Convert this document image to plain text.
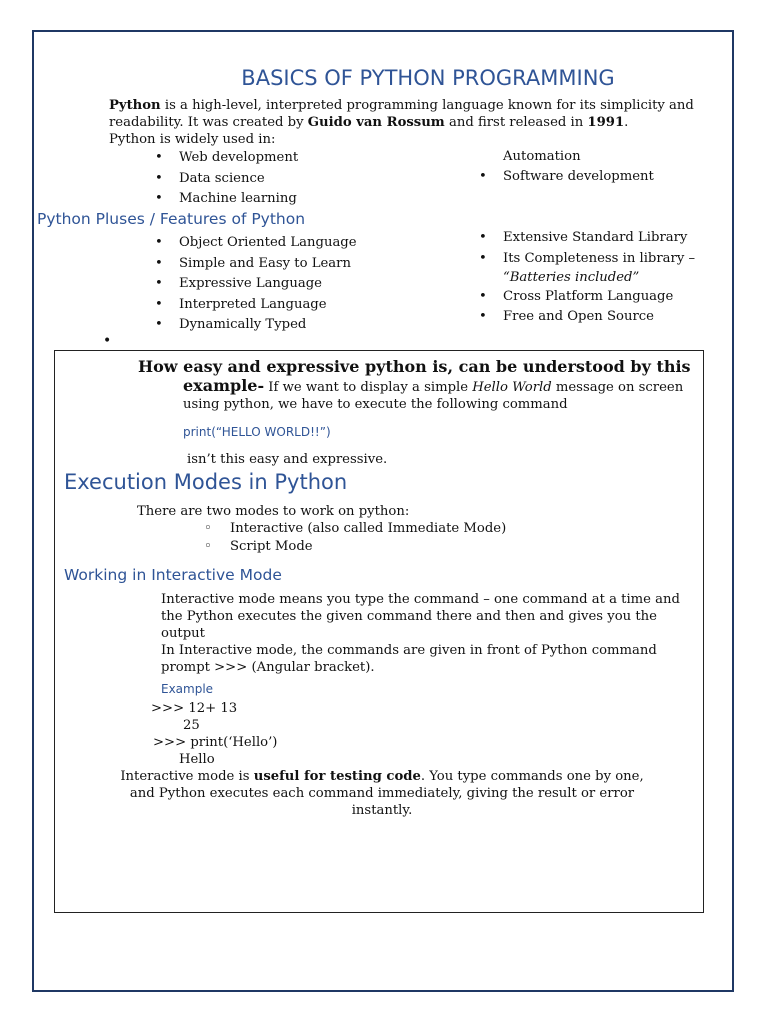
BASICS OF PYTHON PROGRAMMING
Python is a high-level, interpreted programming language known for its simplicity and readability. It was created by Guido van Rossum and first released in 1991.
Python is widely used in:
• Web development
• Data science
• Machine learning
Automation
• Software development
Python Pluses / Features of Python
• Object Oriented Language
• Simple and Easy to Learn
• Expressive Language
• Interpreted Language
• Dynamically Typed
• Extensive Standard Library
• Its Completeness in library –
“Batteries included”
• Cross Platform Language
• Free and Open Source
•
How easy and expressive python is, can be understood by this
example- If we want to display a simple Hello World message on screen
using python, we have to execute the following command
print(“HELLO WORLD!!”)
isn’t this easy and expressive.
Execution Modes in Python
There are two modes to work on python:
◦ Interactive (also called Immediate Mode)
◦ Script Mode
Working in Interactive Mode
Interactive mode means you type the command – one command at a time and
the Python executes the given command there and then and gives you the
output
In Interactive mode, the commands are given in front of Python command
prompt >>> (Angular bracket).
Example
>>> 12+ 13
25
>>> print(‘Hello’)
Hello
Interactive mode is useful for testing code. You type commands one by one,
and Python executes each command immediately, giving the result or error
instantly.
